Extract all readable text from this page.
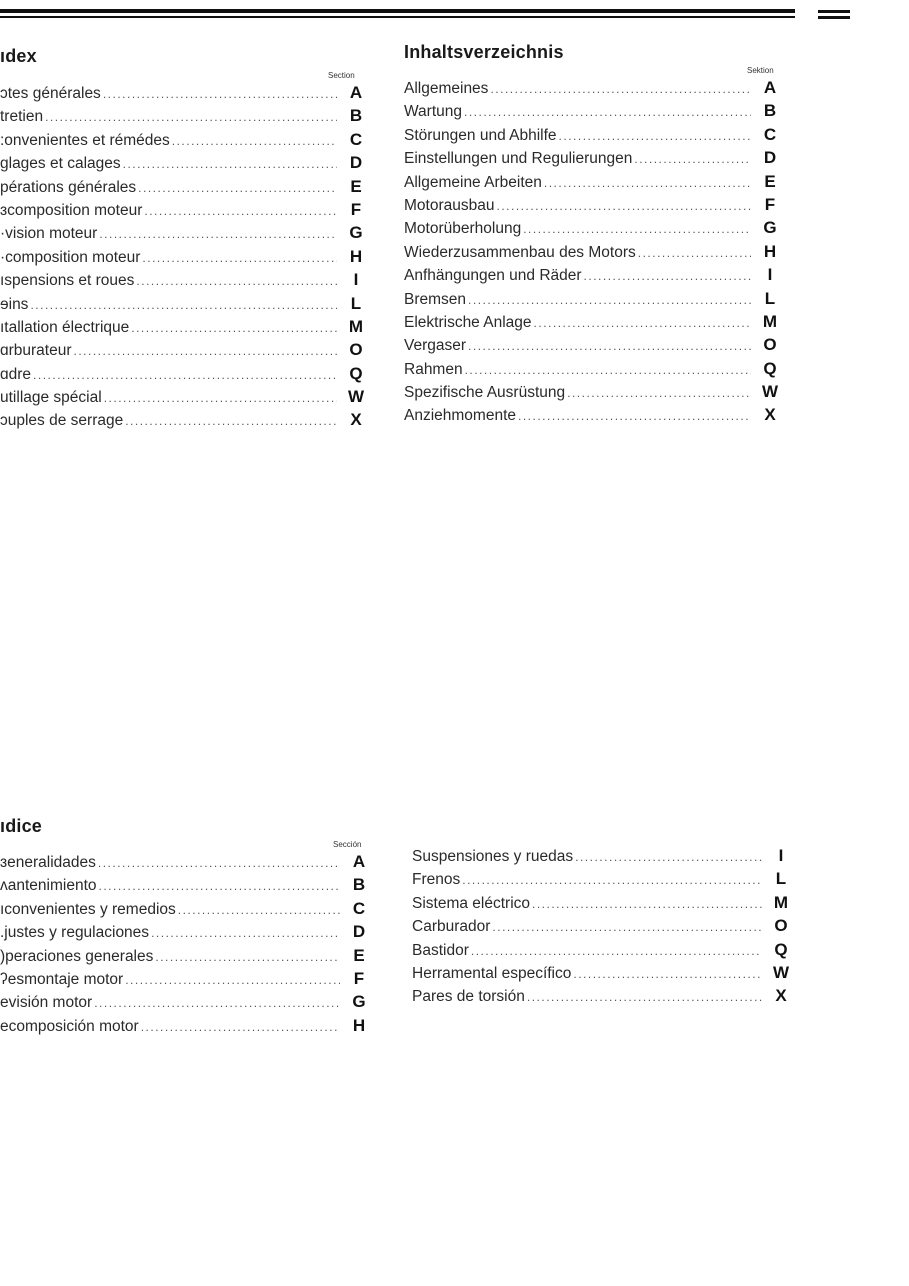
ıdex
Section
ɔtes générales .....	A
tretien .....	B
:onvenientes et rémédes .....	C
glages et calages .....	D
pérations générales .....	E
ɜcomposition moteur .....	F
·vision moteur .....	G
·composition moteur .....	H
ıspensions et roues .....	I
ɘins .....	L
ıtallation électrique .....	M
ɑrburateur .....	O
ɑdre .....	Q
utillage spécial .....	W
ɔuples de serrage .....	X
Inhaltsverzeichnis
Sektion
Allgemeines .....	A
Wartung .....	B
Störungen und Abhilfe .....	C
Einstellungen und Regulierungen .....	D
Allgemeine Arbeiten .....	E
Motorausbau .....	F
Motorüberholung .....	G
Wiederzusammenbau des Motors .....	H
Anfhängungen und Räder .....	I
Bremsen .....	L
Elektrische Anlage .....	M
Vergaser .....	O
Rahmen .....	Q
Spezifische Ausrüstung .....	W
Anziehmomente .....	X
ıdice
Sección
ɜeneralidades .....	A
ʌantenimiento .....	B
ıconvenientes y remedios .....	C
.justes y regulaciones .....	D
)peraciones generales .....	E
ʔesmontaje motor .....	F
evisión motor .....	G
ecomposición motor .....	H
Suspensiones y ruedas .....	I
Frenos .....	L
Sistema eléctrico .....	M
Carburador .....	O
Bastidor .....	Q
Herramental específico .....	W
Pares de torsión .....	X
